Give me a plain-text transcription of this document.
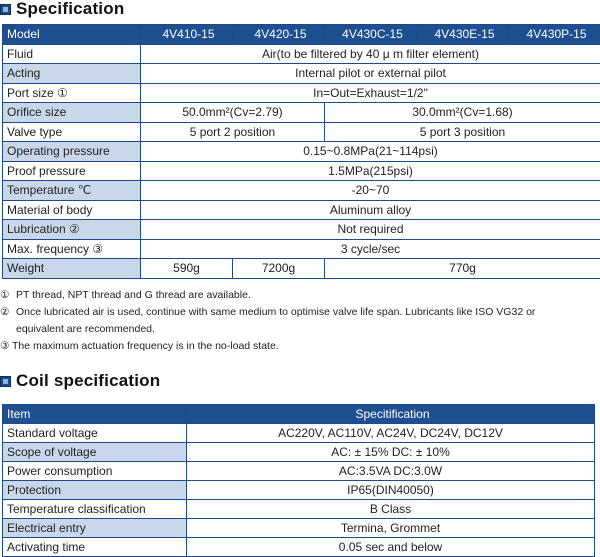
Specification
Model	4V410-15	4V420-15	4V430C-15	4V430E-15	4V430P-15
Fluid	Air(to be filtered by 40 μ m filter element)				
Acting	Internal pilot or external pilot				
Port size ①	In=Out=Exhaust=1/2"				
Orifice size	50.0mm²(Cv=2.79)		30.0mm²(Cv=1.68)		
Valve type	5 port 2 position		5 port 3 position		
Operating pressure	0.15~0.8MPa(21~114psi)				
Proof pressure	1.5MPa(215psi)				
Temperature ℃	-20~70				
Material of body	Aluminum alloy				
Lubrication ②	Not required				
Max. frequency ③	3 cycle/sec				
Weight	590g	7200g	770g		
① PT thread, NPT thread and G thread are available.
② Once lubricated air is used, continue with same medium to optimise valve life span. Lubricants like ISO VG32 or
equivalent are recommended.
③ The maximum actuation frequency is in the no-load state.
Coil specification
Item	Specitification
Standard voltage	AC220V, AC110V, AC24V, DC24V, DC12V
Scope of voltage	AC: ± 15% DC: ± 10%
Power consumption	AC:3.5VA DC:3.0W
Protection	IP65(DIN40050)
Temperature classification	B Class
Electrical entry	Termina, Grommet
Activating time	0.05 sec and below
